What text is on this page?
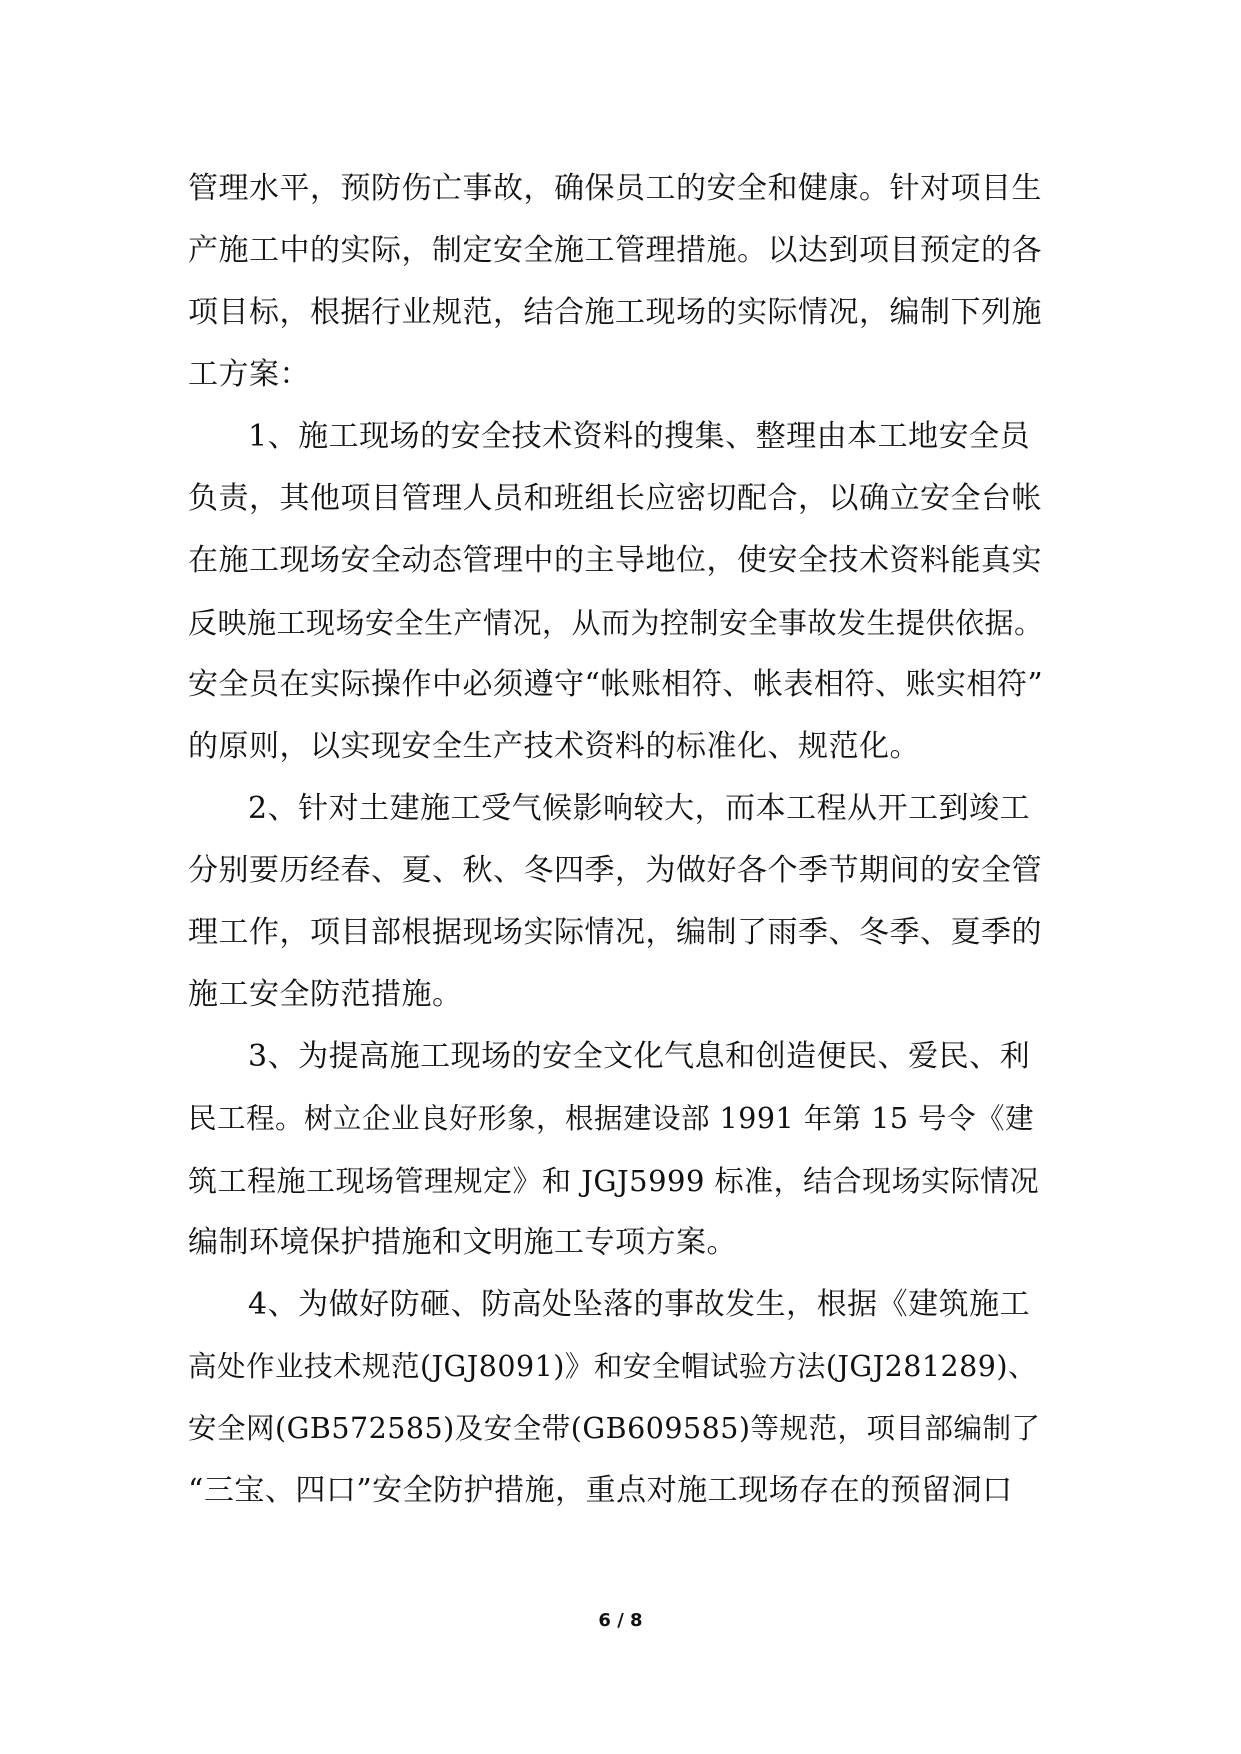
管理水平，预防伤亡事故，确保员工的安全和健康。针对项目生
产施工中的实际，制定安全施工管理措施。以达到项目预定的各
项目标，根据行业规范，结合施工现场的实际情况，编制下列施
工方案：
1、施工现场的安全技术资料的搜集、整理由本工地安全员
负责，其他项目管理人员和班组长应密切配合，以确立安全台帐
在施工现场安全动态管理中的主导地位，使安全技术资料能真实
反映施工现场安全生产情况，从而为控制安全事故发生提供依据。
安全员在实际操作中必须遵守“帐账相符、帐表相符、账实相符”
的原则，以实现安全生产技术资料的标准化、规范化。
2、针对土建施工受气候影响较大，而本工程从开工到竣工
分别要历经春、夏、秋、冬四季，为做好各个季节期间的安全管
理工作，项目部根据现场实际情况，编制了雨季、冬季、夏季的
施工安全防范措施。
3、为提高施工现场的安全文化气息和创造便民、爱民、利
民工程。树立企业良好形象，根据建设部 1991 年第 15 号令《建
筑工程施工现场管理规定》和 JGJ5999 标准，结合现场实际情况
编制环境保护措施和文明施工专项方案。
4、为做好防砸、防高处坠落的事故发生，根据《建筑施工
高处作业技术规范(JGJ8091)》和安全帽试验方法(JGJ281289)、
安全网(GB572585)及安全带(GB609585)等规范，项目部编制了
“三宝、四口”安全防护措施，重点对施工现场存在的预留洞口
6 / 8
